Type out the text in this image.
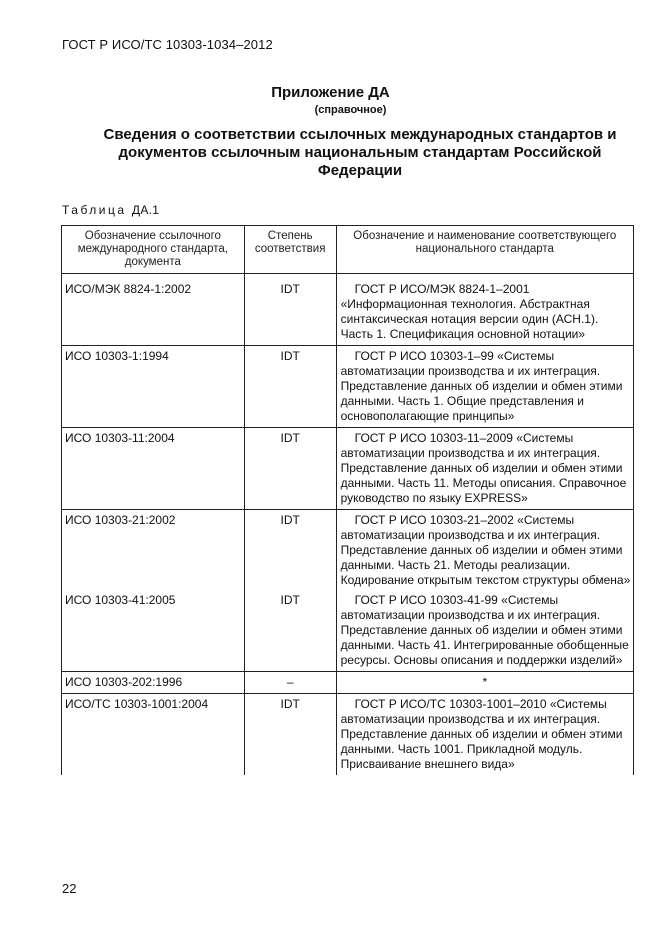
ГОСТ Р ИСО/ТС 10303-1034–2012
Приложение ДА
(справочное)
Сведения о соответствии ссылочных международных стандартов и
документов ссылочным национальным стандартам Российской
Федерации
Таблица ДА.1
Обозначение ссылочного международного стандарта, документа	Степень соответствия	Обозначение и наименование соответствующего национального стандарта
ИСО/МЭК 8824-1:2002	IDT	ГОСТ Р ИСО/МЭК 8824-1–2001 «Информационная технология. Абстрактная синтаксическая нотация версии один (АСН.1). Часть 1. Спецификация основной нотации»
ИСО 10303-1:1994	IDT	ГОСТ Р ИСО 10303-1–99 «Системы автоматизации производства и их интеграция. Представление данных об изделии и обмен этими данными. Часть 1. Общие представления и основополагающие принципы»
ИСО 10303-11:2004	IDT	ГОСТ Р ИСО 10303-11–2009 «Системы автоматизации производства и их интеграция. Представление данных об изделии и обмен этими данными. Часть 11. Методы описания. Справочное руководство по языку EXPRESS»
ИСО 10303-21:2002	IDT	ГОСТ Р ИСО 10303-21–2002 «Системы автоматизации производства и их интеграция. Представление данных об изделии и обмен этими данными. Часть 21. Методы реализации. Кодирование открытым текстом структуры обмена»
ИСО 10303-41:2005	IDT	ГОСТ Р ИСО 10303-41-99 «Системы автоматизации производства и их интеграция. Представление данных об изделии и обмен этими данными. Часть 41. Интегрированные обобщенные ресурсы. Основы описания и поддержки изделий»
ИСО 10303-202:1996	–	*
ИСО/ТС 10303-1001:2004	IDT	ГОСТ Р ИСО/ТС 10303-1001–2010 «Системы автоматизации производства и их интеграция. Представление данных об изделии и обмен этими данными. Часть 1001. Прикладной модуль. Присваивание внешнего вида»
22
